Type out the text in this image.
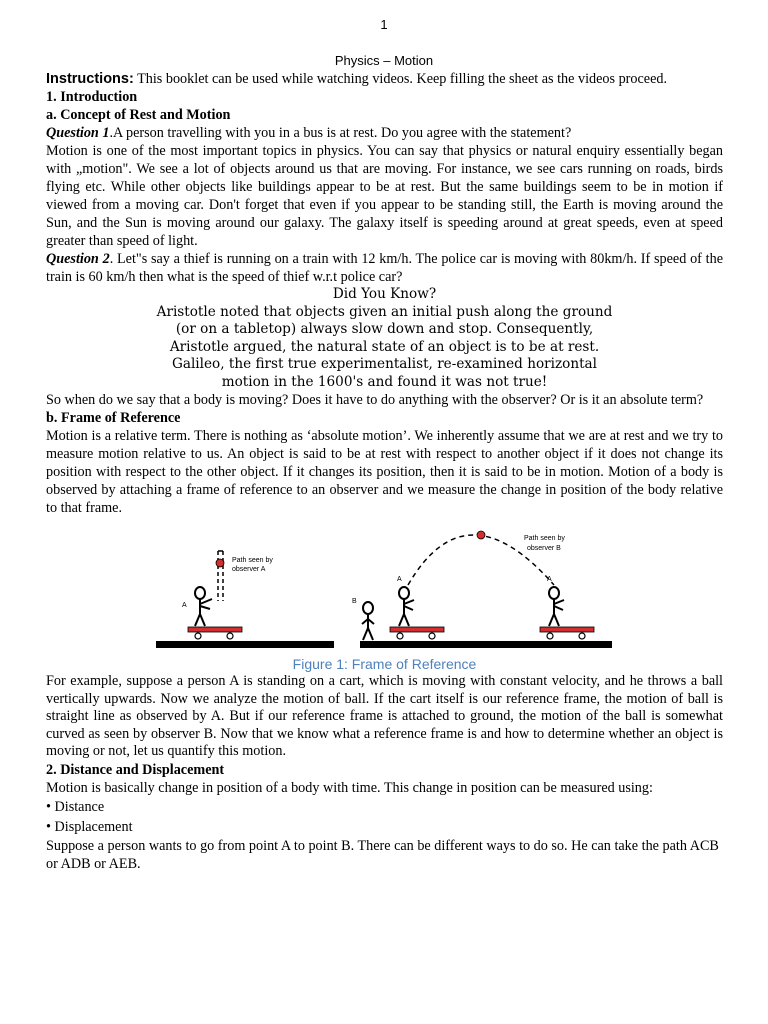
1
Physics – Motion

Instructions: This booklet can be used while watching videos. Keep filling the sheet as the videos proceed.

1. Introduction

a. Concept of Rest and Motion

Question 1.A person travelling with you in a bus is at rest. Do you agree with the statement?

Motion is one of the most important topics in physics. You can say that physics or natural enquiry essentially began with „motion". We see a lot of objects around us that are moving. For instance, we see cars running on roads, birds flying etc. While other objects like buildings appear to be at rest. But the same buildings seem to be in motion if viewed from a moving car. Don't forget that even if you appear to be standing still, the Earth is moving around the Sun, and the Sun is moving around our galaxy. The galaxy itself is speeding around at great speeds, even at speed greater than speed of light.

Question 2. Let"s say a thief is running on a train with 12 km/h. The police car is moving with 80km/h. If speed of the train is 60 km/h then what is the speed of thief w.r.t police car?

Did You Know?

Aristotle noted that objects given an initial push along the ground

(or on a tabletop) always slow down and stop. Consequently,

Aristotle argued, the natural state of an object is to be at rest.

Galileo, the first true experimentalist, re-examined horizontal

motion in the 1600's and found it was not true!

So when do we say that a body is moving? Does it have to do anything with the observer? Or is it an absolute term?

b. Frame of Reference

Motion is a relative term. There is nothing as ‘absolute motion’. We inherently assume that we are at rest and we try to measure motion relative to us. An object is said to be at rest with respect to another object if it does not change its position with respect to the other object. If it changes its position, then it is said to be in motion. Motion of a body is observed by attaching a frame of reference to an observer and we measure the change in position of the body relative to that frame.

A
Path seen by
observer A
B
A	A
Path seen by
observer B
Figure 1: Frame of Reference

For example, suppose a person A is standing on a cart, which is moving with constant velocity, and he throws a ball vertically upwards. Now we analyze the motion of ball. If the cart itself is our reference frame, the motion of ball is straight line as observed by A. But if our reference frame is attached to ground, the motion of the ball is somewhat curved as seen by observer B. Now that we know what a reference frame is and how to determine whether an object is moving or not, let us quantify this motion.

2. Distance and Displacement

Motion is basically change in position of a body with time. This change in position can be measured using:

• Distance

• Displacement

Suppose a person wants to go from point A to point B. There can be different ways to do so. He can take the path ACB or ADB or AEB.
